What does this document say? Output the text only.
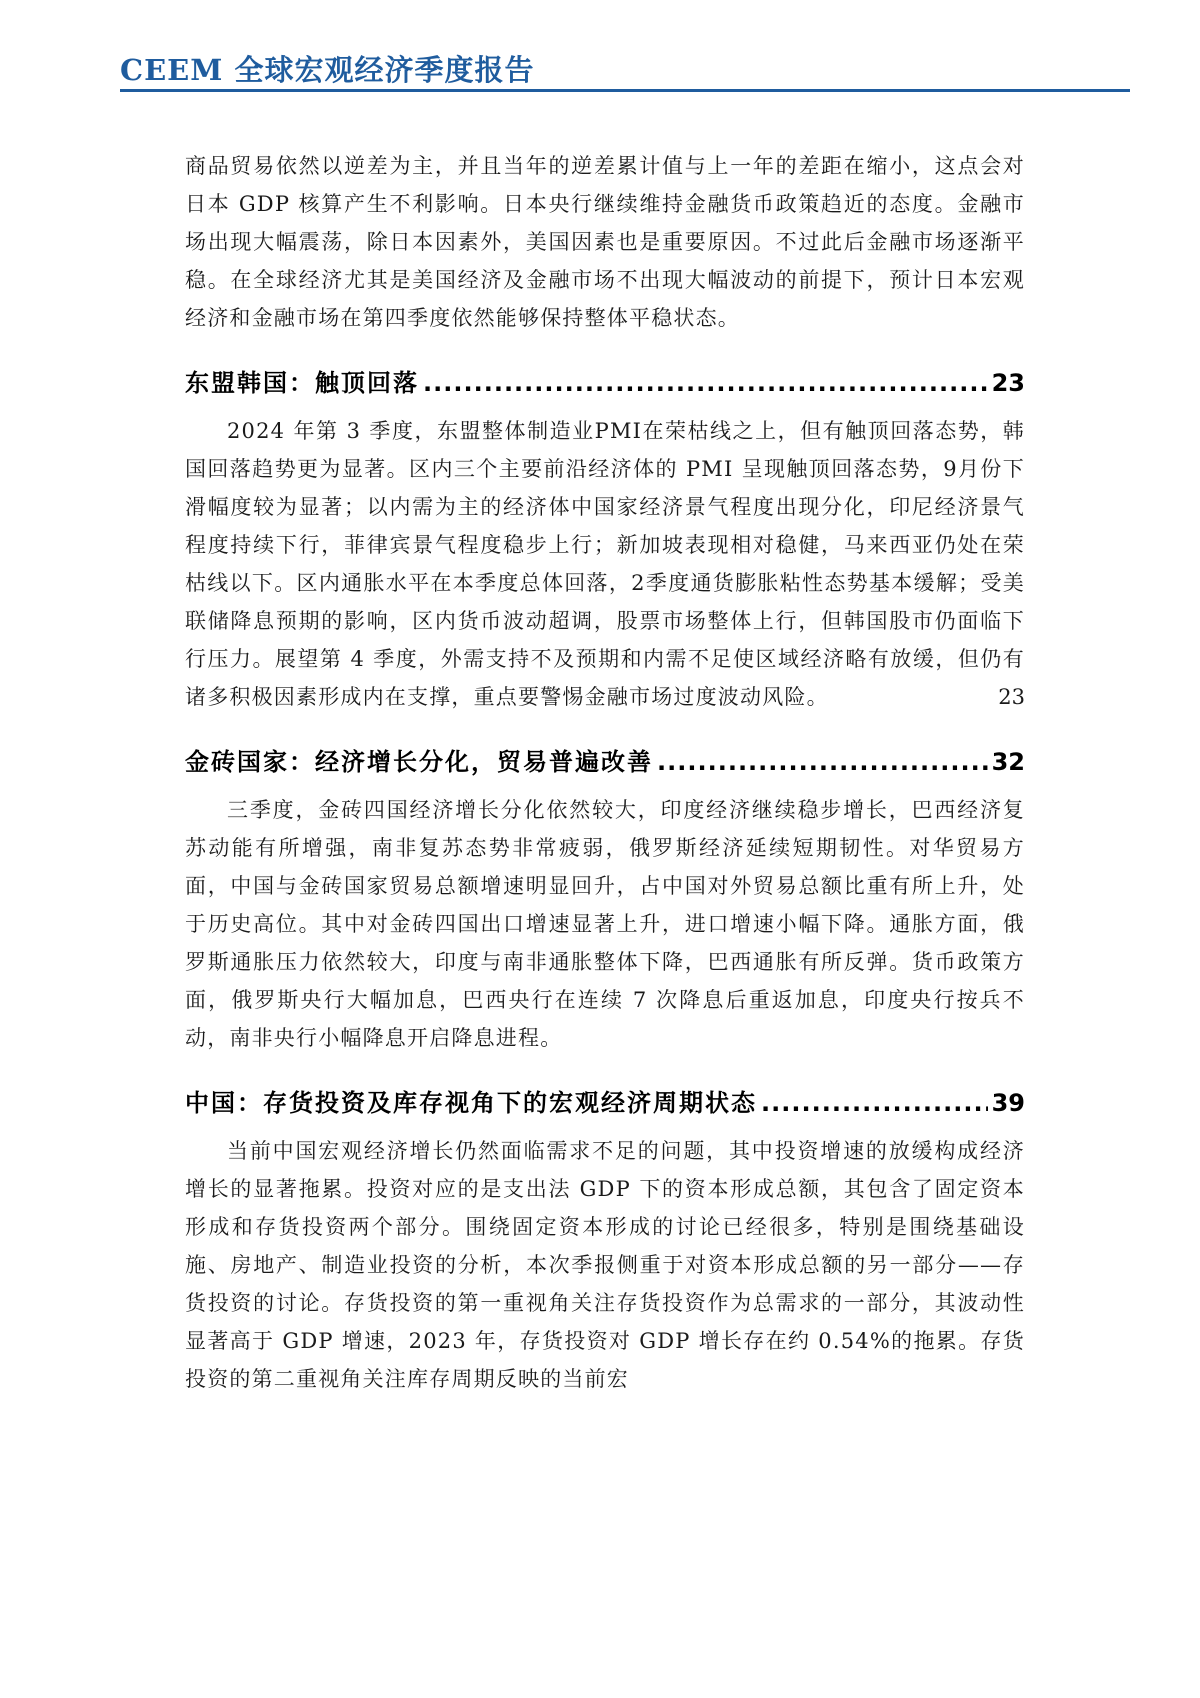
CEEM 全球宏观经济季度报告

商品贸易依然以逆差为主，并且当年的逆差累计值与上一年的差距在缩小，这点会对日本 GDP 核算产生不利影响。日本央行继续维持金融货币政策趋近的态度。金融市场出现大幅震荡，除日本因素外，美国因素也是重要原因。不过此后金融市场逐渐平稳。在全球经济尤其是美国经济及金融市场不出现大幅波动的前提下，预计日本宏观经济和金融市场在第四季度依然能够保持整体平稳状态。

东盟韩国：触顶回落 .....	23

2024 年第 3 季度，东盟整体制造业PMI在荣枯线之上，但有触顶回落态势，韩国回落趋势更为显著。区内三个主要前沿经济体的 PMI 呈现触顶回落态势，9月份下滑幅度较为显著；以内需为主的经济体中国家经济景气程度出现分化，印尼经济景气程度持续下行，菲律宾景气程度稳步上行；新加坡表现相对稳健，马来西亚仍处在荣枯线以下。区内通胀水平在本季度总体回落，2季度通货膨胀粘性态势基本缓解；受美联储降息预期的影响，区内货币波动超调，股票市场整体上行，但韩国股市仍面临下行压力。展望第 4 季度，外需支持不及预期和内需不足使区域经济略有放缓，但仍有诸多积极因素形成内在支撑，重点要警惕金融市场过度波动风险。	23
金砖国家：经济增长分化，贸易普遍改善 .....	32

三季度，金砖四国经济增长分化依然较大，印度经济继续稳步增长，巴西经济复苏动能有所增强，南非复苏态势非常疲弱，俄罗斯经济延续短期韧性。对华贸易方面，中国与金砖国家贸易总额增速明显回升，占中国对外贸易总额比重有所上升，处于历史高位。其中对金砖四国出口增速显著上升，进口增速小幅下降。通胀方面，俄罗斯通胀压力依然较大，印度与南非通胀整体下降，巴西通胀有所反弹。货币政策方面，俄罗斯央行大幅加息，巴西央行在连续 7 次降息后重返加息，印度央行按兵不动，南非央行小幅降息开启降息进程。

中国：存货投资及库存视角下的宏观经济周期状态 .....	39

当前中国宏观经济增长仍然面临需求不足的问题，其中投资增速的放缓构成经济增长的显著拖累。投资对应的是支出法 GDP 下的资本形成总额，其包含了固定资本形成和存货投资两个部分。围绕固定资本形成的讨论已经很多，特别是围绕基础设施、房地产、制造业投资的分析，本次季报侧重于对资本形成总额的另一部分——存货投资的讨论。存货投资的第一重视角关注存货投资作为总需求的一部分，其波动性显著高于 GDP 增速，2023 年，存货投资对 GDP 增长存在约 0.54%的拖累。存货投资的第二重视角关注库存周期反映的当前宏
